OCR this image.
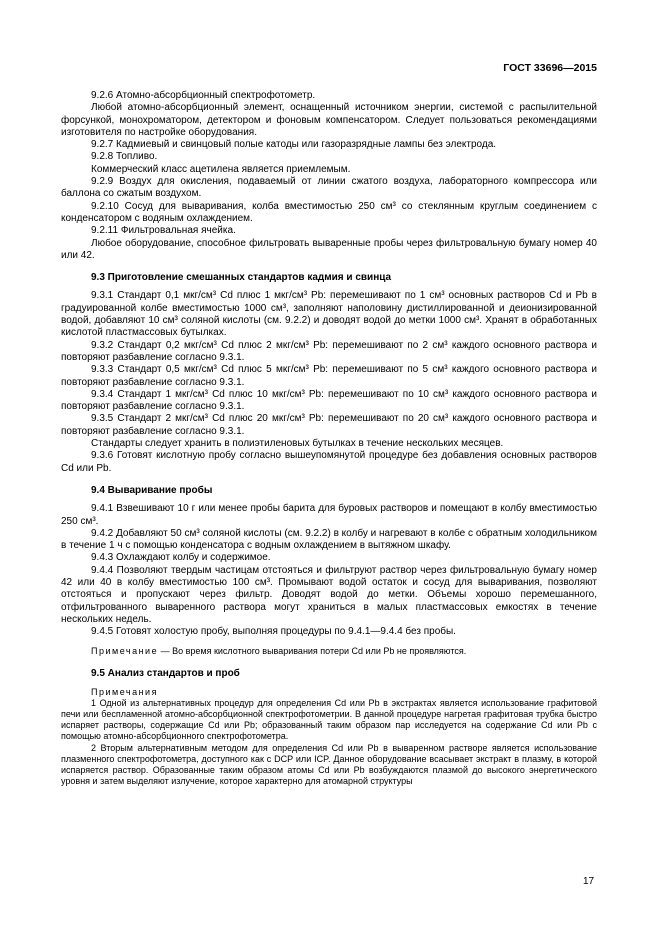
ГОСТ 33696—2015

9.2.6 Атомно-абсорбционный спектрофотометр.

Любой атомно-абсорбционный элемент, оснащенный источником энергии, системой с распылительной форсункой, монохроматором, детектором и фоновым компенсатором. Следует пользоваться рекомендациями изготовителя по настройке оборудования.

9.2.7 Кадмиевый и свинцовый полые катоды или газоразрядные лампы без электрода.

9.2.8 Топливо.

Коммерческий класс ацетилена является приемлемым.

9.2.9 Воздух для окисления, подаваемый от линии сжатого воздуха, лабораторного компрессора или баллона со сжатым воздухом.

9.2.10 Сосуд для вываривания, колба вместимостью 250 см³ со стеклянным круглым соединением с конденсатором с водяным охлаждением.

9.2.11 Фильтровальная ячейка.

Любое оборудование, способное фильтровать вываренные пробы через фильтровальную бумагу номер 40 или 42.

9.3 Приготовление смешанных стандартов кадмия и свинца

9.3.1 Стандарт 0,1 мкг/см³ Cd плюс 1 мкг/см³ Pb: перемешивают по 1 см³ основных растворов Cd и Pb в градуированной колбе вместимостью 1000 см³, заполняют наполовину дистиллированной и деионизированной водой, добавляют 10 см³ соляной кислоты (см. 9.2.2) и доводят водой до метки 1000 см³. Хранят в обработанных кислотой пластмассовых бутылках.

9.3.2 Стандарт 0,2 мкг/см³ Cd плюс 2 мкг/см³ Pb: перемешивают по 2 см³ каждого основного раствора и повторяют разбавление согласно 9.3.1.

9.3.3 Стандарт 0,5 мкг/см³ Cd плюс 5 мкг/см³ Pb: перемешивают по 5 см³ каждого основного раствора и повторяют разбавление согласно 9.3.1.

9.3.4 Стандарт 1 мкг/см³ Cd плюс 10 мкг/см³ Pb: перемешивают по 10 см³ каждого основного раствора и повторяют разбавление согласно 9.3.1.

9.3.5 Стандарт 2 мкг/см³ Cd плюс 20 мкг/см³ Pb: перемешивают по 20 см³ каждого основного раствора и повторяют разбавление согласно 9.3.1.

Стандарты следует хранить в полиэтиленовых бутылках в течение нескольких месяцев.

9.3.6 Готовят кислотную пробу согласно вышеупомянутой процедуре без добавления основных растворов Cd или Pb.

9.4 Вываривание пробы

9.4.1 Взвешивают 10 г или менее пробы барита для буровых растворов и помещают в колбу вместимостью 250 см³.

9.4.2 Добавляют 50 см³ соляной кислоты (см. 9.2.2) в колбу и нагревают в колбе с обратным холодильником в течение 1 ч с помощью конденсатора с водным охлаждением в вытяжном шкафу.

9.4.3 Охлаждают колбу и содержимое.

9.4.4 Позволяют твердым частицам отстояться и фильтруют раствор через фильтровальную бумагу номер 42 или 40 в колбу вместимостью 100 см³. Промывают водой остаток и сосуд для вываривания, позволяют отстояться и пропускают через фильтр. Доводят водой до метки. Объемы хорошо перемешанного, отфильтрованного вываренного раствора могут храниться в малых пластмассовых емкостях в течение нескольких недель.

9.4.5 Готовят холостую пробу, выполняя процедуры по 9.4.1—9.4.4 без пробы.

Примечание — Во время кислотного вываривания потери Cd или Pb не проявляются.

9.5 Анализ стандартов и проб

Примечания

1 Одной из альтернативных процедур для определения Cd или Pb в экстрактах является использование графитовой печи или беспламенной атомно-абсорбционной спектрофотометрии. В данной процедуре нагретая графитовая трубка быстро испаряет растворы, содержащие Cd или Pb; образованный таким образом пар исследуется на содержание Cd или Pb с помощью атомно-абсорбционного спектрофотометра.

2 Вторым альтернативным методом для определения Cd или Pb в вываренном растворе является использование плазменного спектрофотометра, доступного как с DCP или ICP. Данное оборудование всасывает экстракт в плазму, в которой испаряется раствор. Образованные таким образом атомы Cd или Pb возбуждаются плазмой до высокого энергетического уровня и затем выделяют излучение, которое характерно для атомарной структуры

17
